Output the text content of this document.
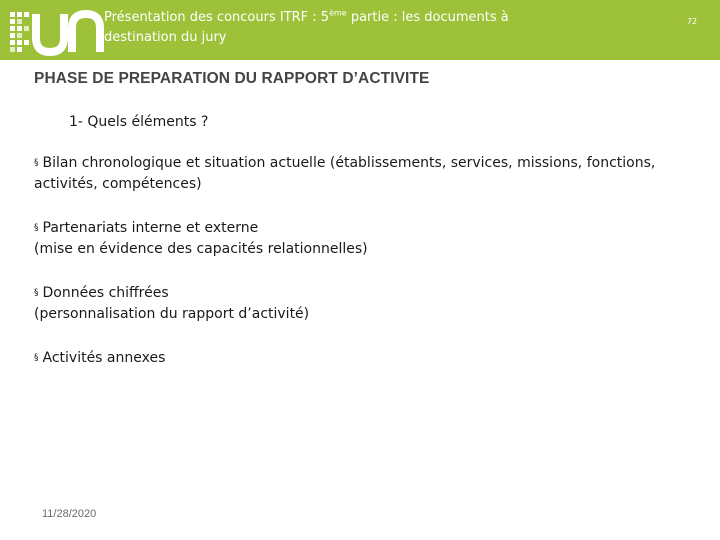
Présentation des concours ITRF : 5ème partie : les documents à
destination du jury
72
PHASE DE PREPARATION DU RAPPORT D’ACTIVITE
1- Quels éléments ?
§ Bilan chronologique et situation actuelle (établissements, services, missions, fonctions,
activités, compétences)
§ Partenariats interne et externe
(mise en évidence des capacités relationnelles)
§ Données chiffrées
(personnalisation du rapport d’activité)
§ Activités annexes
11/28/2020
